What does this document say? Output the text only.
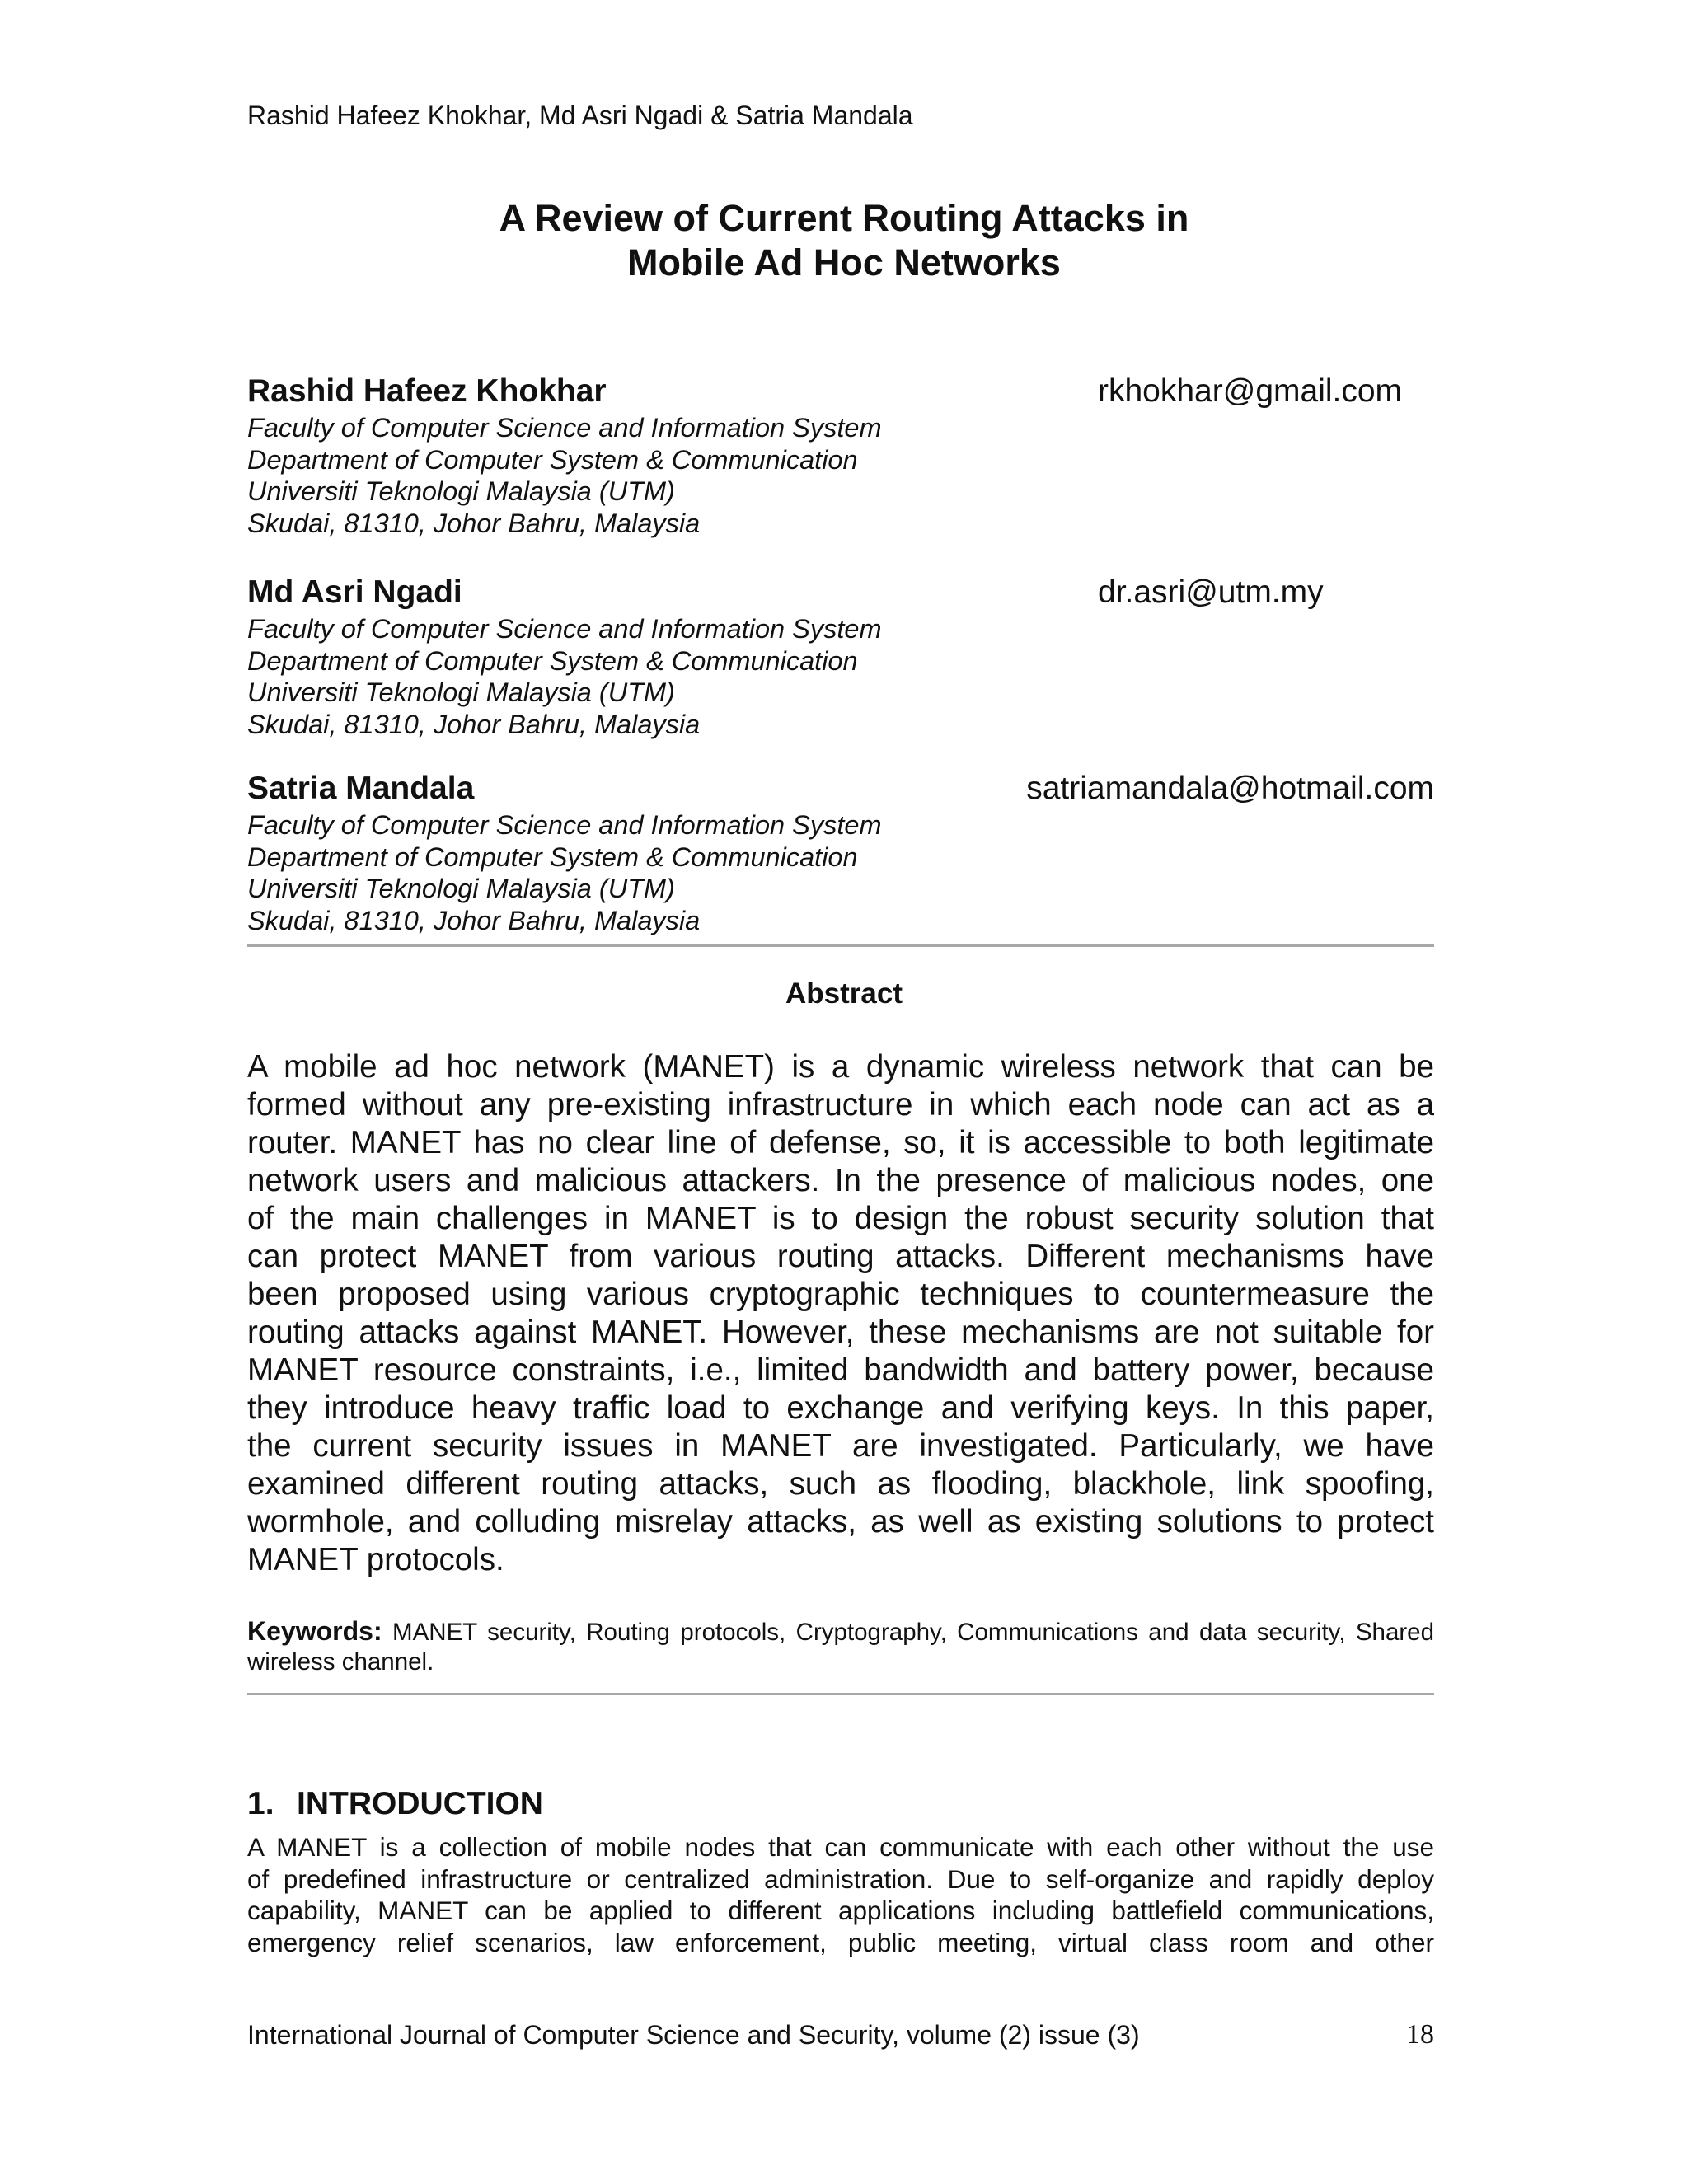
Rashid Hafeez Khokhar, Md Asri Ngadi & Satria Mandala
A Review of Current Routing Attacks in
Mobile Ad Hoc Networks
Rashid Hafeez Khokhar	rkhokhar@gmail.com
Faculty of Computer Science and Information System
Department of Computer System & Communication
Universiti Teknologi Malaysia (UTM)
Skudai, 81310, Johor Bahru, Malaysia
Md Asri Ngadi	dr.asri@utm.my
Faculty of Computer Science and Information System
Department of Computer System & Communication
Universiti Teknologi Malaysia (UTM)
Skudai, 81310, Johor Bahru, Malaysia
Satria Mandala	satriamandala@hotmail.com
Faculty of Computer Science and Information System
Department of Computer System & Communication
Universiti Teknologi Malaysia (UTM)
Skudai, 81310, Johor Bahru, Malaysia
Abstract
A mobile ad hoc network (MANET) is a dynamic wireless network that can be
formed without any pre-existing infrastructure in which each node can act as a
router. MANET has no clear line of defense, so, it is accessible to both legitimate
network users and malicious attackers. In the presence of malicious nodes, one
of the main challenges in MANET is to design the robust security solution that
can protect MANET from various routing attacks. Different mechanisms have
been proposed using various cryptographic techniques to countermeasure the
routing attacks against MANET. However, these mechanisms are not suitable for
MANET resource constraints, i.e., limited bandwidth and battery power, because
they introduce heavy traffic load to exchange and verifying keys. In this paper,
the current security issues in MANET are investigated. Particularly, we have
examined different routing attacks, such as flooding, blackhole, link spoofing,
wormhole, and colluding misrelay attacks, as well as existing solutions to protect
MANET protocols.
Keywords: MANET security, Routing protocols, Cryptography, Communications and data security, Shared
wireless channel.
1. INTRODUCTION
A MANET is a collection of mobile nodes that can communicate with each other without the use
of predefined infrastructure or centralized administration. Due to self-organize and rapidly deploy
capability, MANET can be applied to different applications including battlefield communications,
emergency relief scenarios, law enforcement, public meeting, virtual class room and other
International Journal of Computer Science and Security, volume (2) issue (3)	18
